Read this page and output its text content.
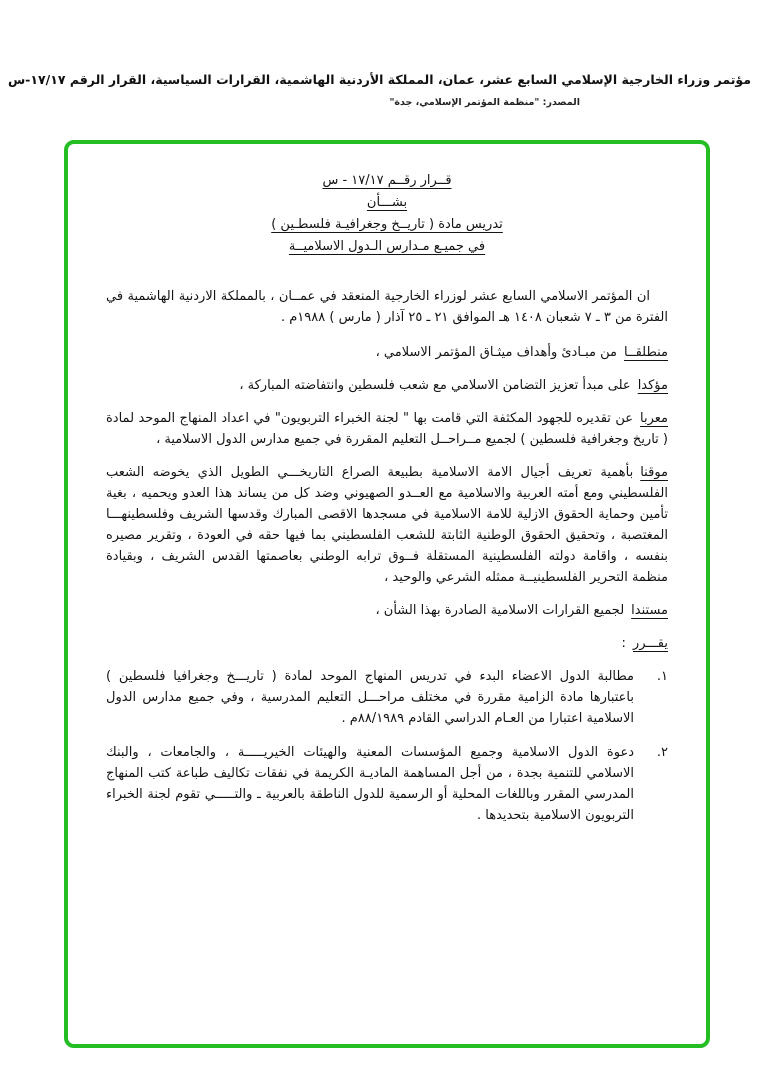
مؤتمر وزراء الخارجية الإسلامي السابع عشر، عمان، المملكة الأردنية الهاشمية، القرارات السياسية، القرار الرقم ١٧/١٧-س
المصدر: "منظمة المؤتمر الإسلامي، جدة"
قــرار رقــم ١٧/١٧ - س
بشـــأن
تدريس مادة ( تاريــخ وجغرافيـة فلسطـين )
في جميـع مـدارس الـدول الاسلاميــة

ان المؤتمر الاسلامي السابع عشر لوزراء الخارجية المنعقد في عمــان ، بالمملكة الاردنية الهاشمية في الفترة من ٣ ـ ٧ شعبان ١٤٠٨ هـ الموافق ٢١ ـ ٢٥ آذار ( مارس ) ١٩٨٨م .

منطلقــامن مبـادئ وأهداف ميثـاق المؤتمر الاسلامي ،

مؤكداعلى مبدأ تعزيز التضامن الاسلامي مع شعب فلسطين وانتفاضته المباركة ،

معرباعن تقديره للجهود المكثفة التي قامت بها " لجنة الخبراء التربويون" في اعداد المنهاج الموحد لمادة ( تاريخ وجغرافية فلسطين ) لجميع مــراحــل التعليم المقررة في جميع مدارس الدول الاسلامية ،

موقنابأهمية تعريف أجيال الامة الاسلامية بطبيعة الصراع التاريخـــي الطويل الذي يخوضه الشعب الفلسطيني ومع أمته العربية والاسلامية مع العــدو الصهيوني وضد كل من يساند هذا العدو ويحميه ، بغية تأمين وحماية الحقوق الازلية للامة الاسلامية في مسجدها الاقصى المبارك وقدسها الشريف وفلسطينهـــا المغتصبة ، وتحقيق الحقوق الوطنية الثابتة للشعب الفلسطيني بما فيها حقه في العودة ، وتقرير مصيره بنفسه ، واقامة دولته الفلسطينية المستقلة فــوق ترابه الوطني بعاصمتها القدس الشريف ، وبقيادة منظمة التحرير الفلسطينيــة ممثله الشرعي والوحيد ،

مستندالجميع القرارات الاسلامية الصادرة بهذا الشأن ،

يقـــرر:

١.
مطالبة الدول الاعضاء البدء في تدريس المنهاج الموحد لمادة ( تاريـــخ وجغرافيا فلسطين ) باعتبارها مادة الزامية مقررة في مختلف مراحـــل التعليم المدرسية ، وفي جميع مدارس الدول الاسلامية اعتبارا من العـام الدراسي القادم ٨٨/١٩٨٩م .
٢.
دعوة الدول الاسلامية وجميع المؤسسات المعنية والهيئات الخيريـــــة ، والجامعات ، والبنك الاسلامي للتنمية بجدة ، من أجل المساهمة الماديـة الكريمة في نفقات تكاليف طباعة كتب المنهاج المدرسي المقرر وباللغات المحلية أو الرسمية للدول الناطقة بالعربية ـ والتـــــي تقوم لجنة الخبراء التربويون الاسلامية بتحديدها .
